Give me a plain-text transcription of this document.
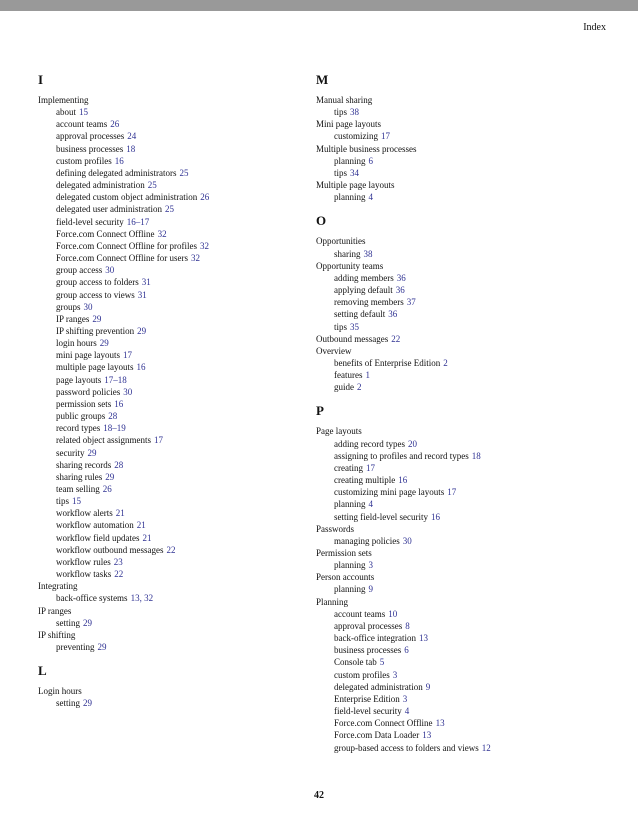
Index
I
Implementing
about 15
account teams 26
approval processes 24
business processes 18
custom profiles 16
defining delegated administrators 25
delegated administration 25
delegated custom object administration 26
delegated user administration 25
field-level security 16–17
Force.com Connect Offline 32
Force.com Connect Offline for profiles 32
Force.com Connect Offline for users 32
group access 30
group access to folders 31
group access to views 31
groups 30
IP ranges 29
IP shifting prevention 29
login hours 29
mini page layouts 17
multiple page layouts 16
page layouts 17–18
password policies 30
permission sets 16
public groups 28
record types 18–19
related object assignments 17
security 29
sharing records 28
sharing rules 29
team selling 26
tips 15
workflow alerts 21
workflow automation 21
workflow field updates 21
workflow outbound messages 22
workflow rules 23
workflow tasks 22
Integrating
back-office systems 13, 32
IP ranges
setting 29
IP shifting
preventing 29
L
Login hours
setting 29
M
Manual sharing
tips 38
Mini page layouts
customizing 17
Multiple business processes
planning 6
tips 34
Multiple page layouts
planning 4
O
Opportunities
sharing 38
Opportunity teams
adding members 36
applying default 36
removing members 37
setting default 36
tips 35
Outbound messages 22
Overview
benefits of Enterprise Edition 2
features 1
guide 2
P
Page layouts
adding record types 20
assigning to profiles and record types 18
creating 17
creating multiple 16
customizing mini page layouts 17
planning 4
setting field-level security 16
Passwords
managing policies 30
Permission sets
planning 3
Person accounts
planning 9
Planning
account teams 10
approval processes 8
back-office integration 13
business processes 6
Console tab 5
custom profiles 3
delegated administration 9
Enterprise Edition 3
field-level security 4
Force.com Connect Offline 13
Force.com Data Loader 13
group-based access to folders and views 12
42
